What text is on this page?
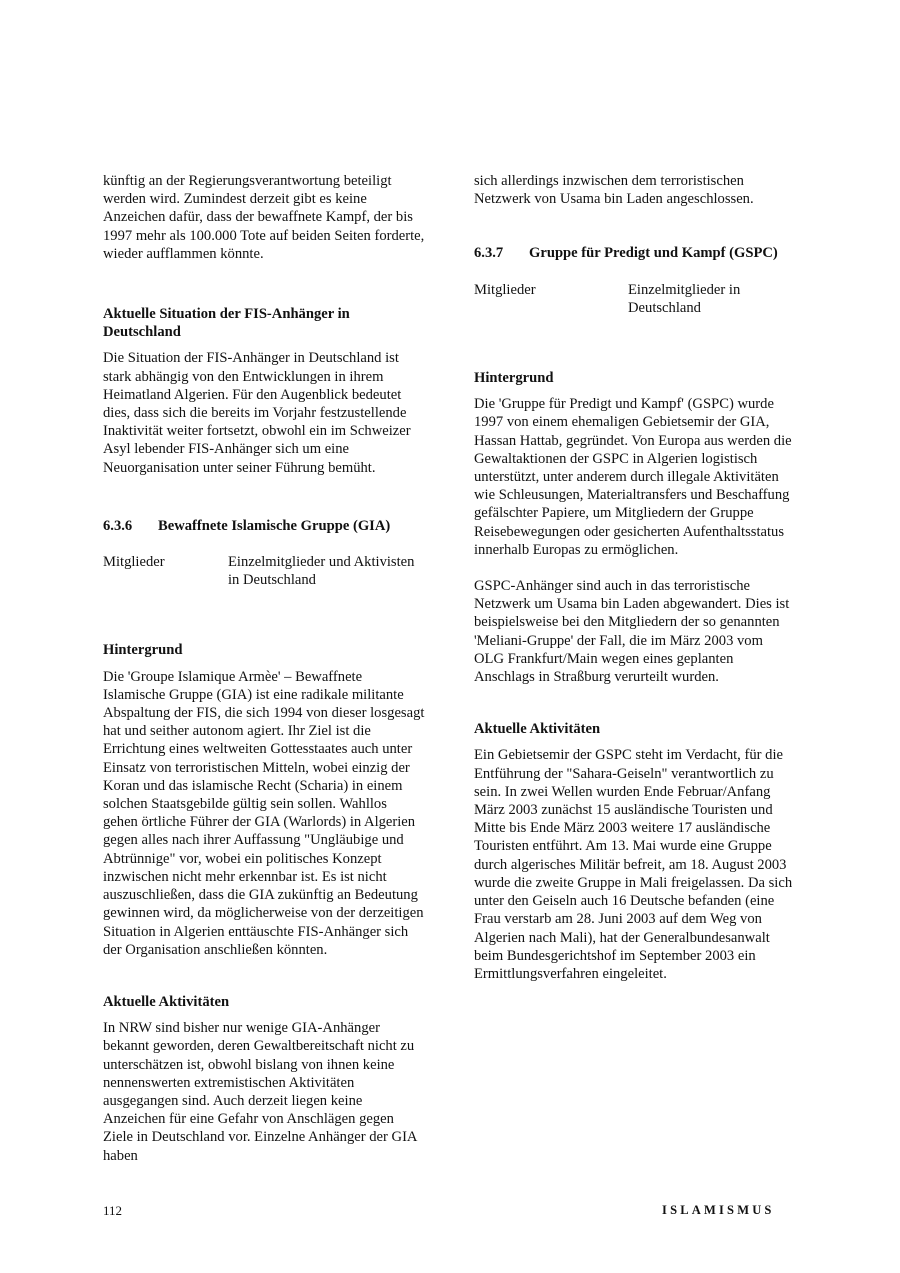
künftig an der Regierungsverantwortung beteiligt werden wird. Zumindest derzeit gibt es keine Anzeichen dafür, dass der bewaffnete Kampf, der bis 1997 mehr als 100.000 Tote auf beiden Seiten forderte, wieder aufflammen könnte.

Aktuelle Situation der FIS-Anhänger in Deutschland

Die Situation der FIS-Anhänger in Deutschland ist stark abhängig von den Entwicklungen in ihrem Heimatland Algerien. Für den Augenblick bedeutet dies, dass sich die bereits im Vorjahr festzustellende Inaktivität weiter fortsetzt, obwohl ein im Schweizer Asyl lebender FIS-Anhänger sich um eine Neuorganisation unter seiner Führung bemüht.

6.3.6	Bewaffnete Islamische Gruppe (GIA)
Mitglieder	Einzelmitglieder und Aktivisten in Deutschland

Hintergrund

Die 'Groupe Islamique Armèe' – Bewaffnete Islamische Gruppe (GIA) ist eine radikale militante Abspaltung der FIS, die sich 1994 von dieser losgesagt hat und seither autonom agiert. Ihr Ziel ist die Errichtung eines weltweiten Gottesstaates auch unter Einsatz von terroristischen Mitteln, wobei einzig der Koran und das islamische Recht (Scharia) in einem solchen Staatsgebilde gültig sein sollen. Wahllos gehen örtliche Führer der GIA (Warlords) in Algerien gegen alles nach ihrer Auffassung "Ungläubige und Abtrünnige" vor, wobei ein politisches Konzept inzwischen nicht mehr erkennbar ist. Es ist nicht auszuschließen, dass die GIA zukünftig an Bedeutung gewinnen wird, da möglicherweise von der derzeitigen Situation in Algerien enttäuschte FIS-Anhänger sich der Organisation anschließen könnten.

Aktuelle Aktivitäten

In NRW sind bisher nur wenige GIA-Anhänger bekannt geworden, deren Gewaltbereitschaft nicht zu unterschätzen ist, obwohl bislang von ihnen keine nennenswerten extremistischen Aktivitäten ausgegangen sind. Auch derzeit liegen keine Anzeichen für eine Gefahr von Anschlägen gegen Ziele in Deutschland vor. Einzelne Anhänger der GIA haben

sich allerdings inzwischen dem terroristischen Netzwerk von Usama bin Laden angeschlossen.

6.3.7	Gruppe für Predigt und Kampf (GSPC)
Mitglieder	Einzelmitglieder in Deutschland

Hintergrund

Die 'Gruppe für Predigt und Kampf' (GSPC) wurde 1997 von einem ehemaligen Gebietsemir der GIA, Hassan Hattab, gegründet. Von Europa aus werden die Gewaltaktionen der GSPC in Algerien logistisch unterstützt, unter anderem durch illegale Aktivitäten wie Schleusungen, Materialtransfers und Beschaffung gefälschter Papiere, um Mitgliedern der Gruppe Reisebewegungen oder gesicherten Aufenthaltsstatus innerhalb Europas zu ermöglichen.

GSPC-Anhänger sind auch in das terroristische Netzwerk um Usama bin Laden abgewandert. Dies ist beispielsweise bei den Mitgliedern der so genannten 'Meliani-Gruppe' der Fall, die im März 2003 vom OLG Frankfurt/Main wegen eines geplanten Anschlags in Straßburg verurteilt wurden.

Aktuelle Aktivitäten

Ein Gebietsemir der GSPC steht im Verdacht, für die Entführung der "Sahara-Geiseln" verantwortlich zu sein. In zwei Wellen wurden Ende Februar/Anfang März 2003 zunächst 15 ausländische Touristen und Mitte bis Ende März 2003 weitere 17 ausländische Touristen entführt. Am 13. Mai wurde eine Gruppe durch algerisches Militär befreit, am 18. August 2003 wurde die zweite Gruppe in Mali freigelassen. Da sich unter den Geiseln auch 16 Deutsche befanden (eine Frau verstarb am 28. Juni 2003 auf dem Weg von Algerien nach Mali), hat der Generalbundesanwalt beim Bundesgerichtshof im September 2003 ein Ermittlungsverfahren eingeleitet.

112	ISLAMISMUS
